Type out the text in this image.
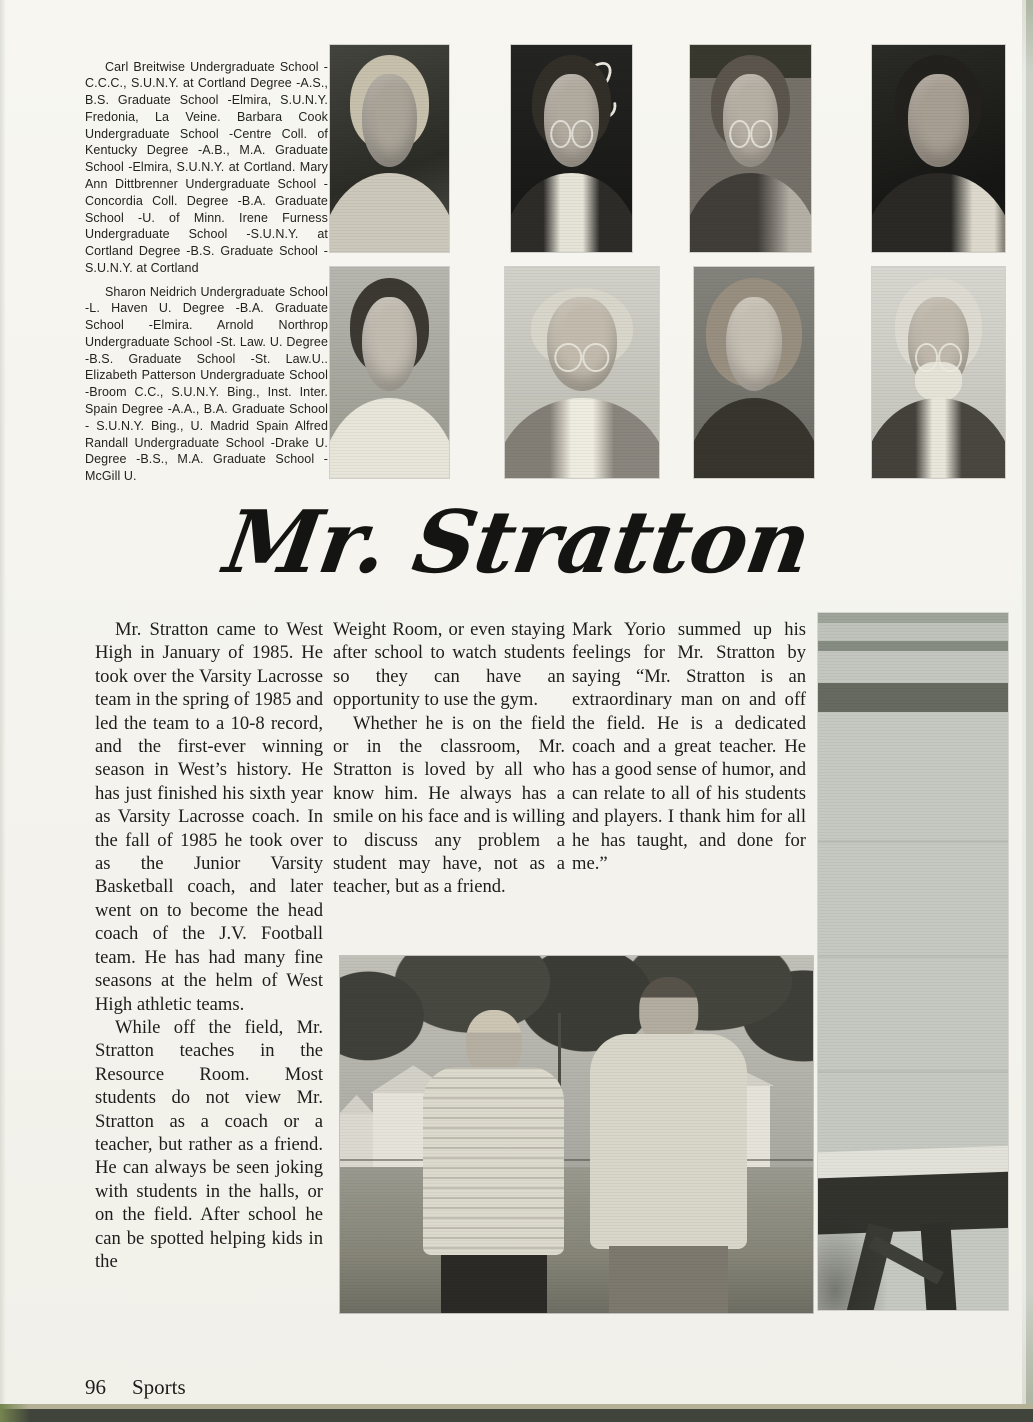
Carl Breitwise Undergraduate School - C.C.C., S.U.N.Y. at Cortland Degree -A.S., B.S. Graduate School -Elmira, S.U.N.Y. Fredonia, La Veine. Barbara Cook Undergraduate School -Centre Coll. of Kentucky Degree -A.B., M.A. Graduate School -Elmira, S.U.N.Y. at Cortland. Mary Ann Dittbrenner Undergraduate School -Concordia Coll. Degree -B.A. Graduate School -U. of Minn. Irene Furness Undergraduate School -S.U.N.Y. at Cortland Degree -B.S. Graduate School -S.U.N.Y. at Cortland

Sharon Neidrich Undergraduate School -L. Haven U. Degree -B.A. Graduate School -Elmira. Arnold Northrop Undergraduate School -St. Law. U. Degree -B.S. Graduate School -St. Law.U.. Elizabeth Patterson Undergraduate School -Broom C.C., S.U.N.Y. Bing., Inst. Inter. Spain Degree -A.A., B.A. Graduate School - S.U.N.Y. Bing., U. Madrid Spain Alfred Randall Undergraduate School -Drake U. Degree -B.S., M.A. Graduate School - McGill U.

Mr. Stratton

Mr. Stratton came to West High in January of 1985. He took over the Varsity Lacrosse team in the spring of 1985 and led the team to a 10-8 record, and the first-ever winning season in West’s history. He has just finished his sixth year as Varsity Lacrosse coach. In the fall of 1985 he took over as the Junior Varsity Basketball coach, and later went on to become the head coach of the J.V. Football team. He has had many fine seasons at the helm of West High athletic teams.

While off the field, Mr. Stratton teaches in the Resource Room. Most students do not view Mr. Stratton as a coach or a teacher, but rather as a friend. He can always be seen joking with students in the halls, or on the field. After school he can be spotted helping kids in the

Weight Room, or even staying after school to watch students so they can have an opportunity to use the gym.

Whether he is on the field or in the classroom, Mr. Stratton is loved by all who know him. He always has a smile on his face and is willing to discuss any problem a student may have, not as a teacher, but as a friend.

Mark Yorio summed up his feelings for Mr. Stratton by saying “Mr. Stratton is an extraordinary man on and off the field. He is a dedicated coach and a great teacher. He has a good sense of humor, and can relate to all of his students and players. I thank him for all he has taught, and done for me.”

96 Sports
